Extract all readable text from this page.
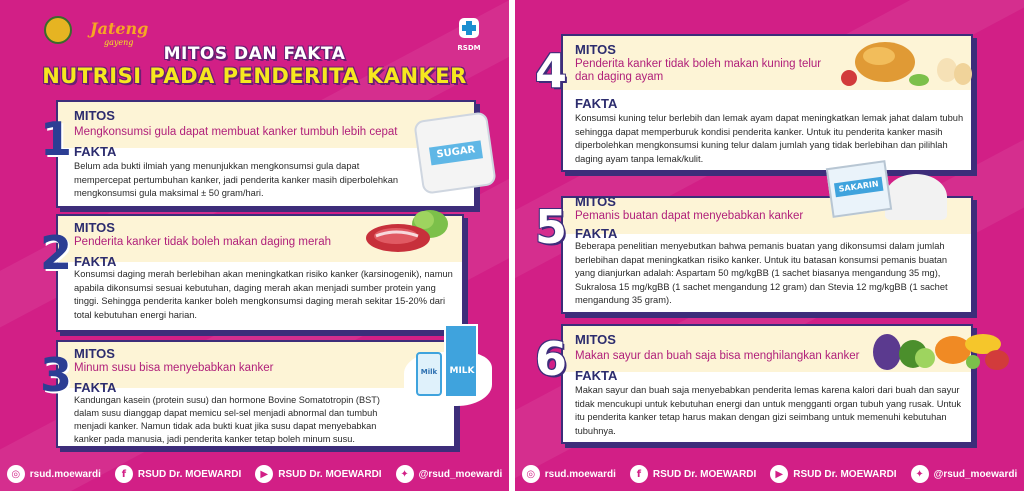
Jateng
gayeng
RSDM
MITOS DAN FAKTA
NUTRISI PADA PENDERITA KANKER
MITOS
Mengkonsumsi gula dapat membuat kanker tumbuh lebih cepat
FAKTA
Belum ada bukti ilmiah yang menunjukkan mengkonsumsi gula dapat mempercepat pertumbuhan kanker, jadi penderita kanker masih diperbolehkan mengkonsumsi gula maksimal ± 50 gram/hari.
1	SUGAR
MITOS
Penderita kanker tidak boleh makan daging merah
FAKTA
Konsumsi daging merah berlebihan akan meningkatkan risiko kanker (karsinogenik), namun apabila dikonsumsi sesuai kebutuhan, daging merah akan menjadi sumber protein yang tinggi. Sehingga penderita kanker boleh mengkonsumsi daging merah sekitar 15-20% dari total kebutuhan energi harian.
2
MITOS
Minum susu bisa menyebabkan kanker
FAKTA
Kandungan kasein (protein susu) dan hormone Bovine Somatotropin (BST) dalam susu dianggap dapat memicu sel-sel menjadi abnormal dan tumbuh menjadi kanker. Namun tidak ada bukti kuat jika susu dapat menyebabkan kanker pada manusia, jadi penderita kanker tetap boleh minum susu.
3	MILK
Milk
◎ rsud.moewardi	f	RSUD Dr. MOEWARDI	▶	RSUD Dr. MOEWARDI	✦ @rsud_moewardi
MITOS
Penderita kanker tidak boleh makan kuning telur dan daging ayam
FAKTA
Konsumsi kuning telur berlebih dan lemak ayam dapat meningkatkan lemak jahat dalam tubuh sehingga dapat memperburuk kondisi penderita kanker. Untuk itu penderita kanker masih diperbolehkan mengkonsumsi kuning telur dalam jumlah yang tidak berlebihan dan pilihlah daging ayam tanpa lemak/kulit.
4
MITOS
Pemanis buatan dapat menyebabkan kanker
FAKTA
Beberapa penelitian menyebutkan bahwa pemanis buatan yang dikonsumsi dalam jumlah berlebihan dapat meningkatkan risiko kanker. Untuk itu batasan konsumsi pemanis buatan yang dianjurkan adalah: Aspartam 50 mg/kgBB (1 sachet biasanya mengandung 35 mg), Sukralosa 15 mg/kgBB (1 sachet mengandung 12 gram) dan Stevia 12 mg/kgBB (1 sachet mengandung 35 gram).
5
SAKARIN
MITOS
Makan sayur dan buah saja bisa menghilangkan kanker
FAKTA
Makan sayur dan buah saja menyebabkan penderita lemas karena kalori dari buah dan sayur tidak mencukupi untuk kebutuhan energi dan untuk mengganti organ tubuh yang rusak. Untuk itu penderita kanker tetap harus makan dengan gizi seimbang untuk memenuhi kebutuhan tubuhnya.
6
◎ rsud.moewardi	f	RSUD Dr. MOEWARDI	▶	RSUD Dr. MOEWARDI	✦ @rsud_moewardi
